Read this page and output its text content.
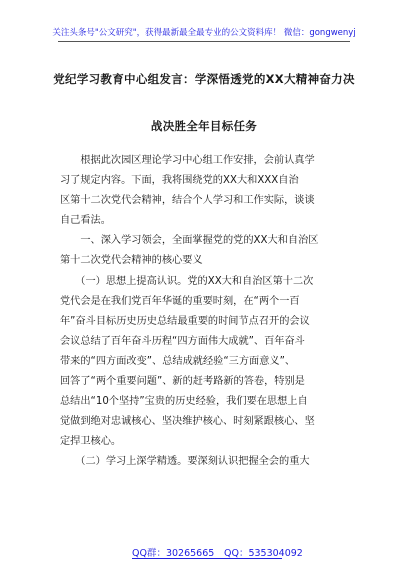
关注头条号"公文研究"，获得最新最全最专业的公文资料库！ 微信：gongwenyj
党纪学习教育中心组发言：学深悟透党的XX大精神奋力决
战决胜全年目标任务
　　根据此次园区理论学习中心组工作安排，会前认真学
习了规定内容。下面，我将围绕党的XX大和XXX自治
区第十二次党代会精神，结合个人学习和工作实际，谈谈
自己看法。
　　一、深入学习领会，全面掌握党的党的XX大和自治区
第十二次党代会精神的核心要义
　　（一）思想上提高认识。党的XX大和自治区第十二次
党代会是在我们党百年华诞的重要时刻，在“两个一百
年”奋斗目标历史历史总结最重要的时间节点召开的会议
会议总结了百年奋斗历程“四方面伟大成就”、百年奋斗
带来的“四方面改变”、总结成就经验“三方面意义”、
回答了“两个重要问题”、新的赶考路新的答卷，特别是
总结出“10个坚持”宝贵的历史经验，我们要在思想上自
觉做到绝对忠诚核心、坚决维护核心、时刻紧跟核心、坚
定捍卫核心。
　　（二）学习上深学精透。要深刻认识把握全会的重大
QQ群：30265665 QQ：535304092
